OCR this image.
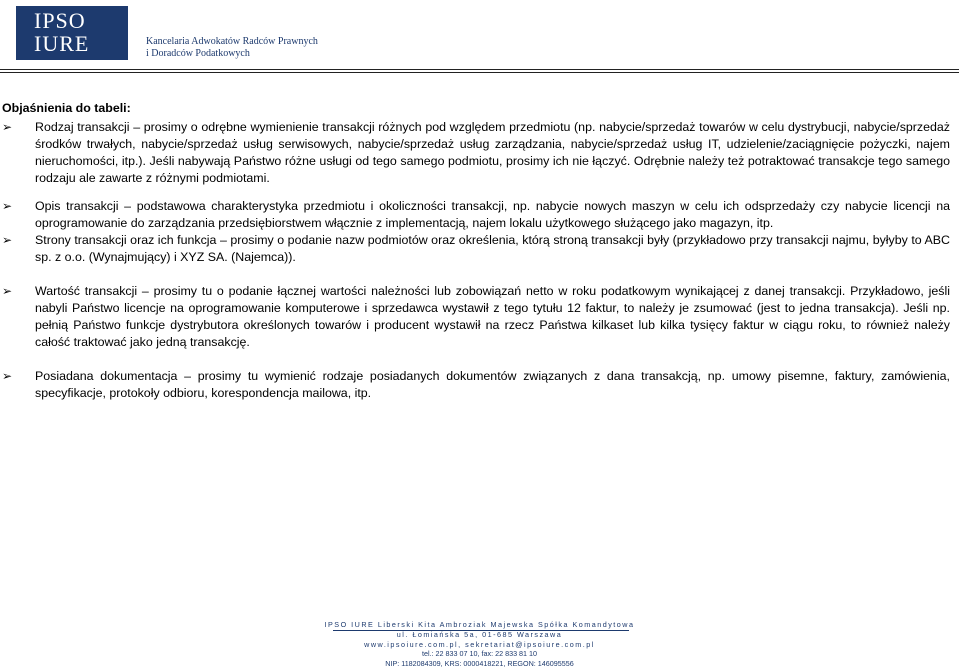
IPSO
IURE	Kancelaria Adwokatów Radców Prawnych
i Doradców Podatkowych
Objaśnienia do tabeli:
➢	Rodzaj transakcji – prosimy o odrębne wymienienie transakcji różnych pod względem przedmiotu (np. nabycie/sprzedaż towarów w celu dystrybucji, nabycie/sprzedaż środków trwałych, nabycie/sprzedaż usług serwisowych, nabycie/sprzedaż usług zarządzania, nabycie/sprzedaż usług IT, udzielenie/zaciągnięcie pożyczki, najem nieruchomości, itp.). Jeśli nabywają Państwo różne usługi od tego samego podmiotu, prosimy ich nie łączyć. Odrębnie należy też potraktować transakcje tego samego rodzaju ale zawarte z różnymi podmiotami.
➢	Opis transakcji – podstawowa charakterystyka przedmiotu i okoliczności transakcji, np. nabycie nowych maszyn w celu ich odsprzedaży czy nabycie licencji na oprogramowanie do zarządzania przedsiębiorstwem włącznie z implementacją, najem lokalu użytkowego służącego jako magazyn, itp.
➢	Strony transakcji oraz ich funkcja – prosimy o podanie nazw podmiotów oraz określenia, którą stroną transakcji były (przykładowo przy transakcji najmu, byłyby to ABC sp. z o.o. (Wynajmujący) i XYZ SA. (Najemca)).
➢	Wartość transakcji – prosimy tu o podanie łącznej wartości należności lub zobowiązań netto w roku podatkowym wynikającej z danej transakcji. Przykładowo, jeśli nabyli Państwo licencje na oprogramowanie komputerowe i sprzedawca wystawił z tego tytułu 12 faktur, to należy je zsumować (jest to jedna transakcja). Jeśli np. pełnią Państwo funkcje dystrybutora określonych towarów i producent wystawił na rzecz Państwa kilkaset lub kilka tysięcy faktur w ciągu roku, to również należy całość traktować jako jedną transakcję.
➢	Posiadana dokumentacja – prosimy tu wymienić rodzaje posiadanych dokumentów związanych z dana transakcją, np. umowy pisemne, faktury, zamówienia, specyfikacje, protokoły odbioru, korespondencja mailowa, itp.
IPSO IURE Liberski Kita Ambroziak Majewska Spółka Komandytowa
ul. Łomiańska 5a, 01-685 Warszawa
www.ipsoiure.com.pl, sekretariat@ipsoiure.com.pl
tel.: 22 833 07 10, fax: 22 833 81 10
NIP: 1182084309, KRS: 0000418221, REGON: 146095556
